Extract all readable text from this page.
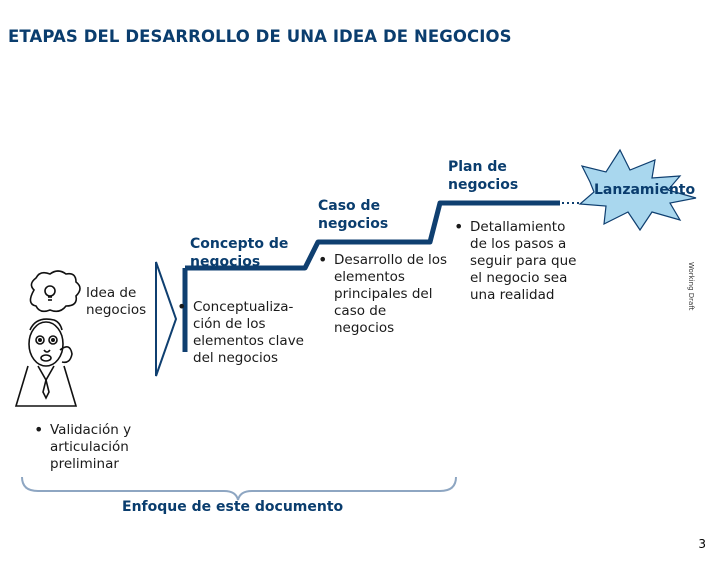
ETAPAS DEL DESARROLLO DE UNA IDEA DE NEGOCIOS
Working Draft
Idea de
negocios
• Validación y
articulación
preliminar
Concepto de
negocios
• Conceptualiza-
ción de los
elementos clave
del negocios
Caso de
negocios
• Desarrollo de los
elementos
principales del
caso de
negocios
Plan de
negocios
• Detallamiento
de los pasos a
seguir para que
el negocio sea
una realidad
Lanzamiento
Enfoque de este documento
3
